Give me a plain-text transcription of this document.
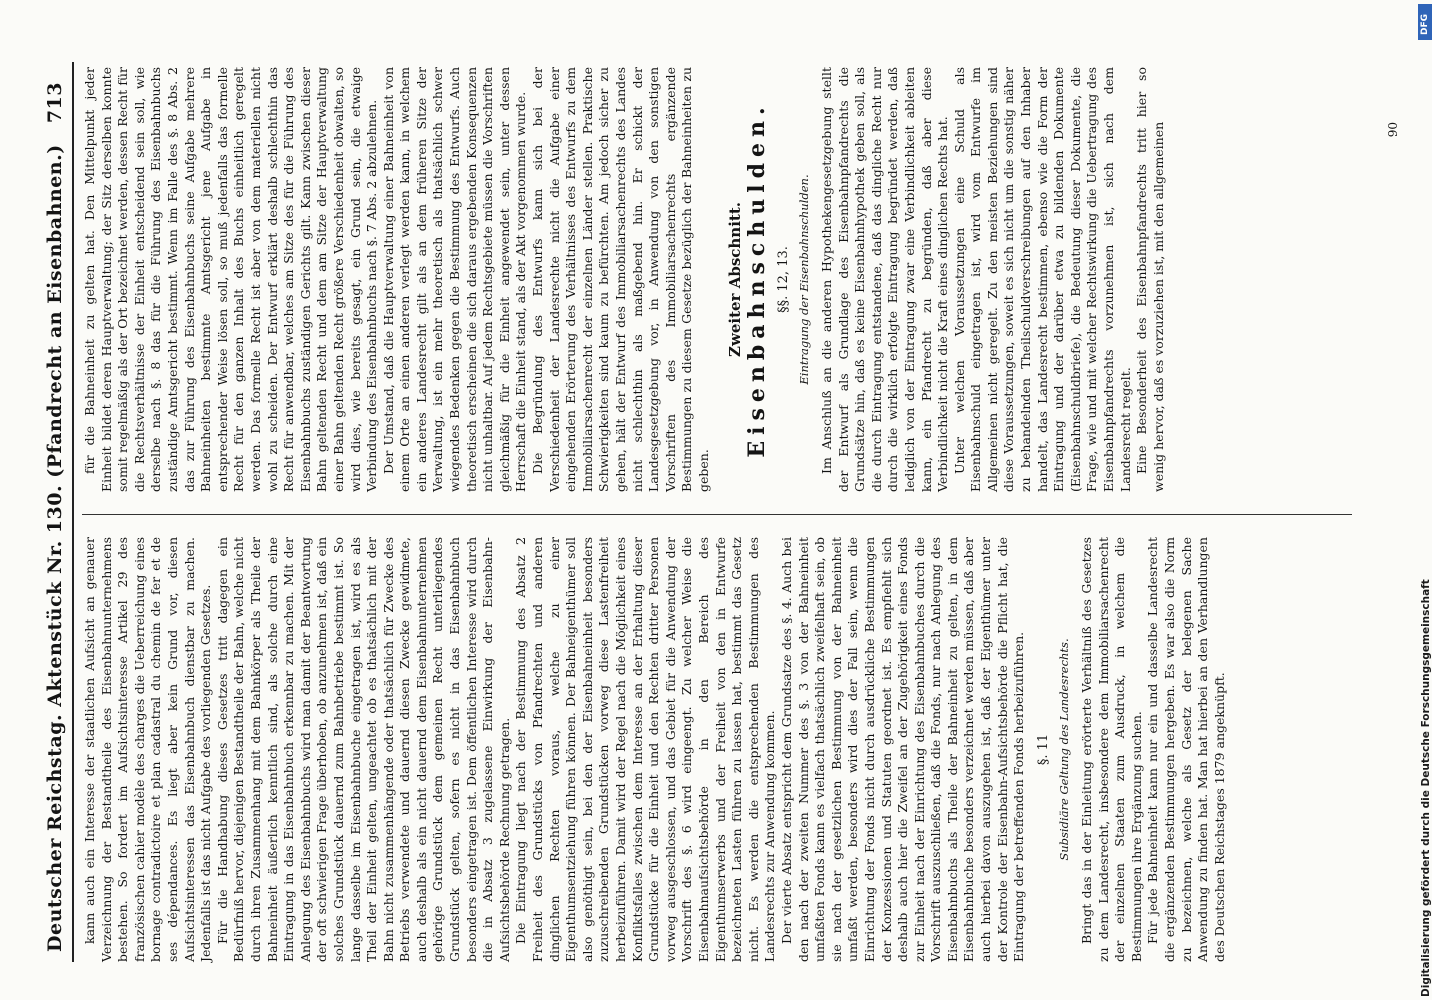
Deutscher Reichstag. Aktenstück Nr. 130. (Pfandrecht an Eisenbahnen.)
713

kann auch ein Interesse der staatlichen Aufsicht an genauer Verzeichnung der Bestandtheile des Eisenbahnunternehmens bestehen. So fordert im Aufsichtsinteresse Artikel 29 des französischen cahier modèle des charges die Ueberreichung eines bornage contradictoire et plan cadastral du chemin de fer et de ses dépendances. Es liegt aber kein Grund vor, diesen Aufsichtsinteressen das Eisenbahnbuch dienstbar zu machen. Jedenfalls ist das nicht Aufgabe des vorliegenden Gesetzes. Für die Handhabung dieses Gesetzes tritt dagegen ein Bedürfniß hervor, diejenigen Bestandtheile der Bahn, welche nicht durch ihren Zusammenhang mit dem Bahnkörper als Theile der Bahneinheit äußerlich kenntlich sind, als solche durch eine Eintragung in das Eisenbahnbuch erkennbar zu machen. Mit der Anlegung des Eisenbahnbuchs wird man damit der Beantwortung der oft schwierigen Frage überhoben, ob anzunehmen ist, daß ein solches Grundstück dauernd zum Bahnbetriebe bestimmt ist. So lange dasselbe im Eisenbahnbuche eingetragen ist, wird es als Theil der Einheit gelten, ungeachtet ob es thatsächlich mit der Bahn nicht zusammenhängende oder thatsächlich für Zwecke des Betriebs verwendete und dauernd diesen Zwecke gewidmete, auch deshalb als ein nicht dauernd dem Eisenbahnunternehmen gehörige Grundstück dem gemeinen Recht unterliegendes Grundstück gelten, sofern es nicht in das Eisenbahnbuch besonders eingetragen ist. Dem öffentlichen Interesse wird durch die in Absatz 3 zugelassene Einwirkung der Eisenbahn-Aufsichtsbehörde Rechnung getragen. Die Eintragung liegt nach der Bestimmung des Absatz 2 Freiheit des Grundstücks von Pfandrechten und anderen dinglichen Rechten voraus, welche zu einer Eigenthumsentziehung führen können. Der Bahneigenthümer soll also genöthigt sein, bei den der Eisenbahneinheit besonders zuzuschreibenden Grundstücken vorweg diese Lastenfreiheit herbeizuführen. Damit wird der Regel nach die Möglichkeit eines Konfliktsfalles zwischen dem Interesse an der Erhaltung dieser Grundstücke für die Einheit und den Rechten dritter Personen vorweg ausgeschlossen, und das Gebiet für die Anwendung der Vorschrift des §. 6 wird eingeengt. Zu welcher Weise die Eisenbahnaufsichtsbehörde in den Bereich des Eigenthumserwerbs und der Freiheit von den in Entwurfe bezeichneten Lasten führen zu lassen hat, bestimmt das Gesetz nicht. Es werden die entsprechenden Bestimmungen des Landesrechts zur Anwendung kommen. Der vierte Absatz entspricht dem Grundsatze des §. 4. Auch bei den nach der zweiten Nummer des §. 3 von der Bahneinheit umfaßten Fonds kann es vielfach thatsächlich zweifelhaft sein, ob sie nach der gesetzlichen Bestimmung von der Bahneinheit umfaßt werden, besonders wird dies der Fall sein, wenn die Einrichtung der Fonds nicht durch ausdrückliche Bestimmungen der Konzessionen und Statuten geordnet ist. Es empfiehlt sich deshalb auch hier die Zweifel an der Zugehörigkeit eines Fonds zur Einheit nach der Einrichtung des Eisenbahnbuches durch die Vorschrift auszuschließen, daß die Fonds, nur nach Anlegung des Eisenbahnbuchs als Theile der Bahneinheit zu gelten, in dem Eisenbahnbuche besonders verzeichnet werden müssen, daß aber auch hierbei davon auszugehen ist, daß der Eigenthümer unter der Kontrole der Eisenbahn-Aufsichtsbehörde die Pflicht hat, die Eintragung der betreffenden Fonds herbeizuführen. §. 11 Subsidiäre Geltung des Landesrechts. Bringt das in der Einleitung erörterte Verhältniß des Gesetzes zu dem Landesrecht, insbesondere dem Immobiliarsachenrecht der einzelnen Staaten zum Ausdruck, in welchem die Bestimmungen ihre Ergänzung suchen. Für jede Bahneinheit kann nur ein und dasselbe Landesrecht die ergänzenden Bestimmungen hergeben. Es war also die Norm zu bezeichnen, welche als Gesetz der belegenen Sache Anwendung zu finden hat. Man hat hierbei an den Verhandlungen des Deutschen Reichstages 1879 angeknüpft.

für die Bahneinheit zu gelten hat. Den Mittelpunkt jeder Einheit bildet deren Hauptverwaltung; der Sitz derselben konnte somit regelmäßig als der Ort bezeichnet werden, dessen Recht für die Rechtsverhältnisse der Einheit entscheidend sein soll, wie derselbe nach §. 8 das für die Führung des Eisenbahnbuchs zuständige Amtsgericht bestimmt. Wenn im Falle des §. 8 Abs. 2 das zur Führung des Eisenbahnbuchs seine Aufgabe mehrere Bahneinheiten bestimmte Amtsgericht jene Aufgabe in entsprechender Weise lösen soll, so muß jedenfalls das formelle Recht für den ganzen Inhalt des Buchs einheitlich geregelt werden. Das formelle Recht ist aber von dem materiellen nicht wohl zu scheiden. Der Entwurf erklärt deshalb schlechthin das Recht für anwendbar, welches am Sitze des für die Führung des Eisenbahnbuchs zuständigen Gerichts gilt. Kann zwischen dieser Bahn geltenden Recht und dem am Sitze der Hauptverwaltung einer Bahn geltenden Recht größere Verschiedenheit obwalten, so wird dies, wie bereits gesagt, ein Grund sein, die etwaige Verbindung des Eisenbahnbuchs nach §. 7 Abs. 2 abzulehnen. Der Umstand, daß die Hauptverwaltung einer Bahneinheit von einem Orte an einen anderen verlegt werden kann, in welchem ein anderes Landesrecht gilt als an dem früheren Sitze der Verwaltung, ist ein mehr theoretisch als thatsächlich schwer wiegendes Bedenken gegen die Bestimmung des Entwurfs. Auch theoretisch erscheinen die sich daraus ergebenden Konsequenzen nicht unhaltbar. Auf jedem Rechtsgebiete müssen die Vorschriften gleichmäßig für die Einheit angewendet sein, unter dessen Herrschaft die Einheit stand, als der Akt vorgenommen wurde. Die Begründung des Entwurfs kann sich bei der Verschiedenheit der Landesrechte nicht die Aufgabe einer eingehenden Erörterung des Verhältnisses des Entwurfs zu dem Immobiliarsachenrecht der einzelnen Länder stellen. Praktische Schwierigkeiten sind kaum zu befürchten. Am jedoch sicher zu gehen, hält der Entwurf des Immobiliarsachenrechts des Landes nicht schlechthin als maßgebend hin. Er schickt der Landesgesetzgebung vor, in Anwendung von den sonstigen Vorschriften des Immobiliarsachenrechts ergänzende Bestimmungen zu diesem Gesetze bezüglich der Bahneinheiten zu geben.

Zweiter Abschnitt. Eisenbahnschulden. §§. 12, 13. Eintragung der Eisenbahnschulden. Im Anschluß an die anderen Hypothekengesetzgebung stellt der Entwurf als Grundlage des Eisenbahnpfandrechts die Grundsätze hin, daß es keine Eisenbahnhypothek geben soll, als die durch Eintragung entstandene, daß das dingliche Recht nur durch die wirklich erfolgte Eintragung begründet werden, daß lediglich von der Eintragung zwar eine Verbindlichkeit ableiten kann, ein Pfandrecht zu begründen, daß aber diese Verbindlichkeit nicht die Kraft eines dinglichen Rechts hat. Unter welchen Voraussetzungen eine Schuld als Eisenbahnschuld eingetragen ist, wird vom Entwurfe im Allgemeinen nicht geregelt. Zu den meisten Beziehungen sind diese Voraussetzungen, soweit es sich nicht um die sonstig näher zu behandelnden Theilschuldverschreibungen auf den Inhaber handelt, das Landesrecht bestimmen, ebenso wie die Form der Eintragung und der darüber etwa zu bildenden Dokumente (Eisenbahnschuldbriefe), die Bedeutung dieser Dokumente, die Frage, wie und mit welcher Rechtswirkung die Uebertragung des Eisenbahnpfandrechts vorzunehmen ist, sich nach dem Landesrecht regelt. Eine Besonderheit des Eisenbahnpfandrechts tritt hier so wenig hervor, daß es vorzuziehen ist, mit den allgemeinen	90
DFG
Digitalisierung gefördert durch die Deutsche Forschungsgemeinschaft
